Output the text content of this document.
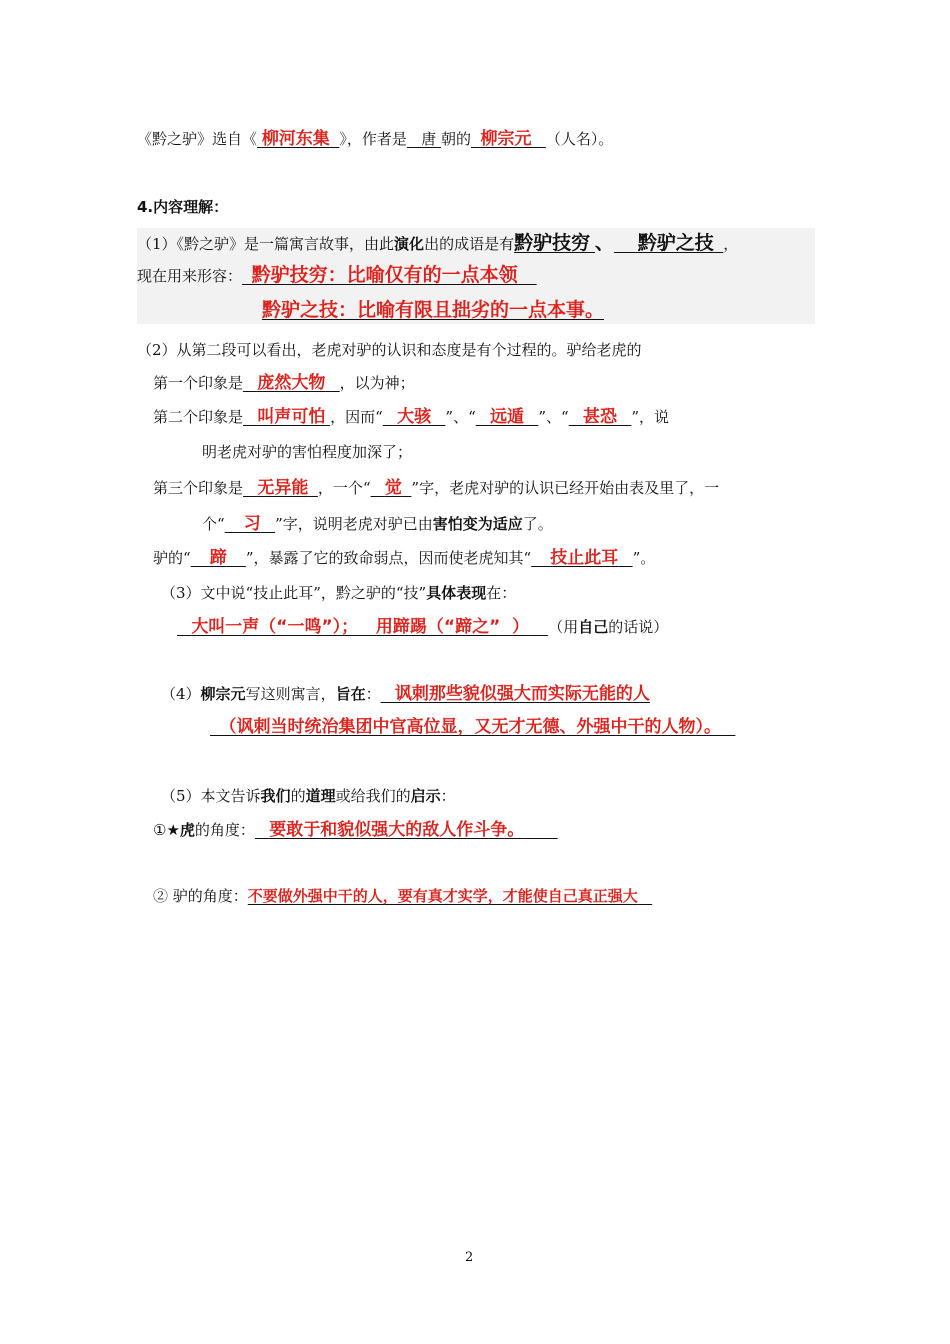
《黔之驴》选自《 柳河东集 》，作者是 唐 朝的 柳宗元 （人名）。
4.内容理解：
（1）《黔之驴》是一篇寓言故事，由此演化出的成语是有黔驴技穷 、 黔驴之技 ，
现在用来形容： 黔驴技穷：比喻仅有的一点本领
黔驴之技：比喻有限且拙劣的一点本事。
（2）从第二段可以看出，老虎对驴的认识和态度是有个过程的。驴给老虎的
第一个印象是 庞然大物 ，以为神；
第二个印象是 叫声可怕 ，因而“ 大骇 ”、“ 远遁 ”、“ 甚恐 ”，说
明老虎对驴的害怕程度加深了；
第三个印象是 无异能 ，一个“ 觉 ”字，老虎对驴的认识已经开始由表及里了，一
个“ 习 ”字，说明老虎对驴已由害怕变为适应了。
驴的“ 蹄 ”，暴露了它的致命弱点，因而使老虎知其“ 技止此耳 ”。
（3）文中说“技止此耳”，黔之驴的“技”具体表现在：
大叫一声（“一鸣”）；   用蹄踢（“蹄之”  ） （用自己的话说）
（4）柳宗元写这则寓言，旨在： 讽刺那些貌似强大而实际无能的人
（讽刺当时统治集团中官高位显，又无才无德、外强中干的人物）。
（5）本文告诉我们的道理或给我们的启示：
①★虎的角度： 要敢于和貌似强大的敌人作斗争。
② 驴的角度：不要做外强中干的人，要有真才实学，才能使自己真正强大
2
